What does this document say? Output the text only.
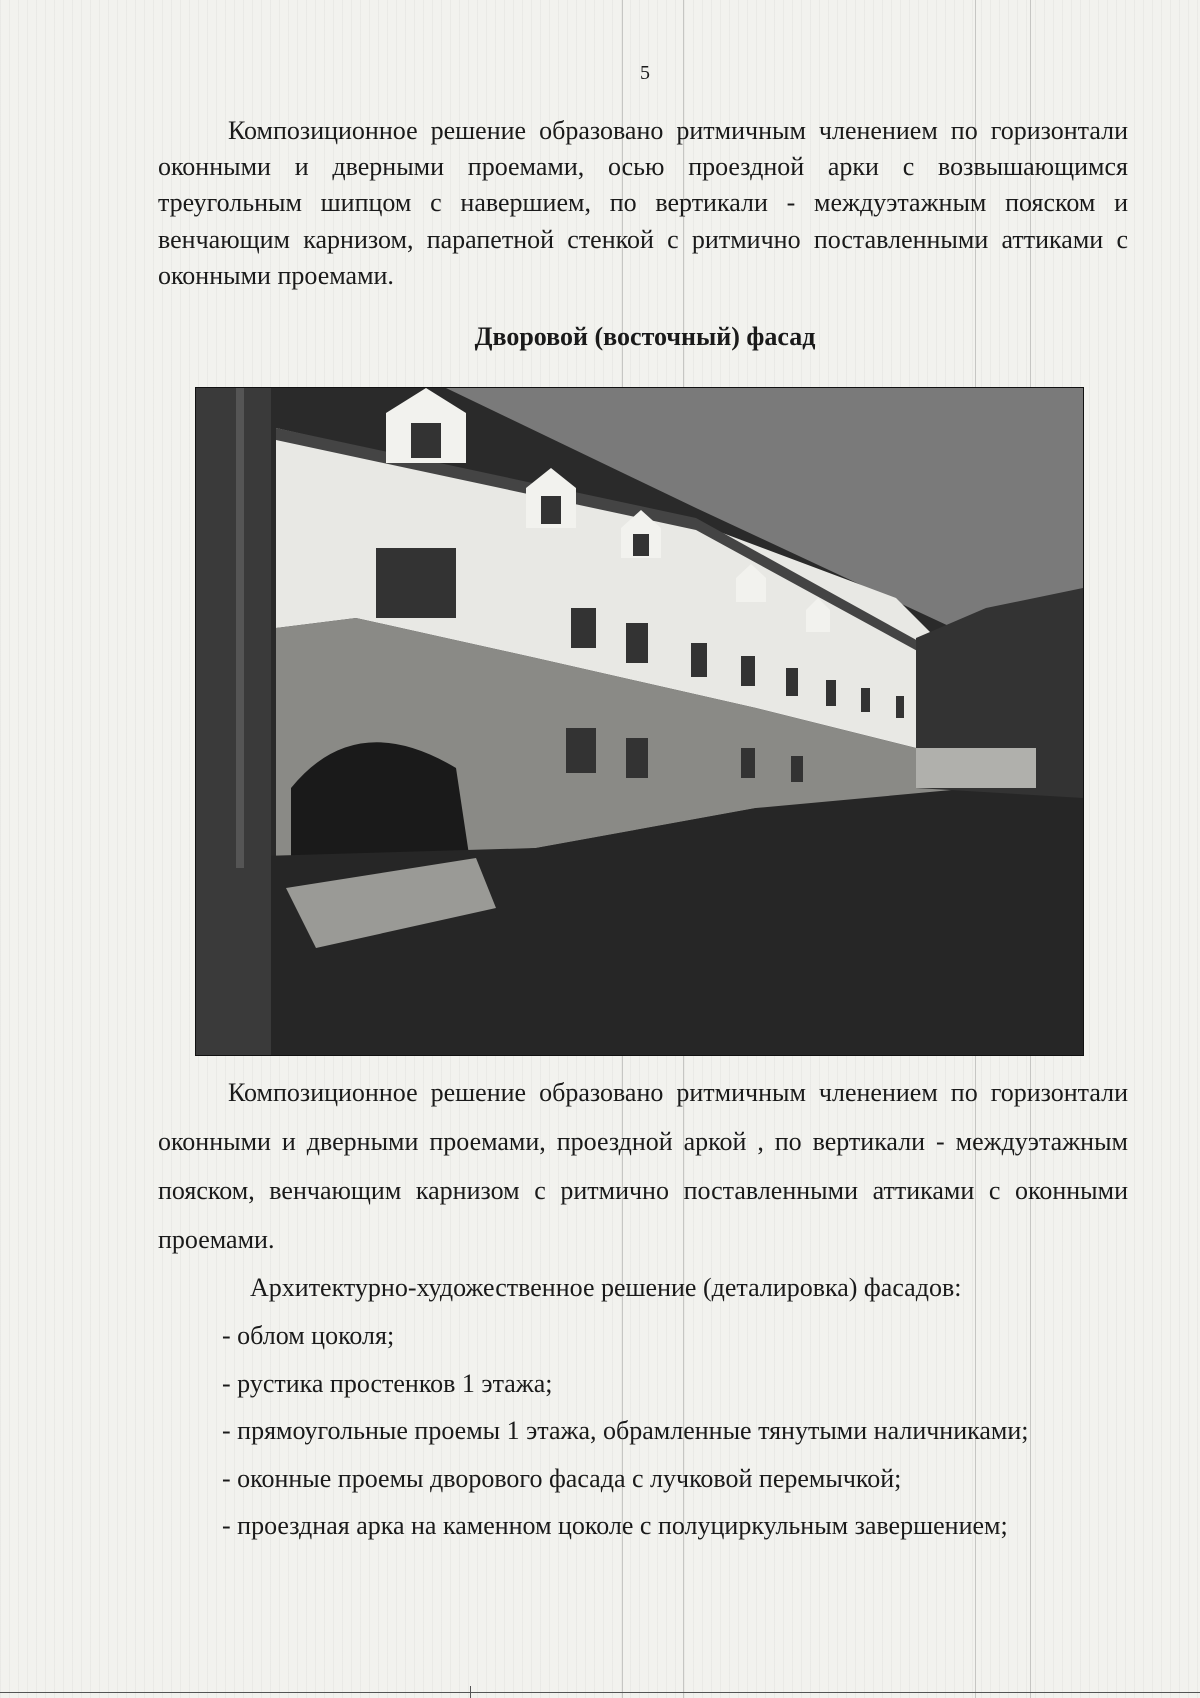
5

Композиционное решение образовано ритмичным членением по горизонтали оконными и дверными проемами, осью проездной арки с возвышающимся треугольным шипцом с навершием, по вертикали - междуэтажным пояском и венчающим карнизом, парапетной стенкой с ритмично поставленными аттиками с оконными проемами.

Дворовой (восточный) фасад

Композиционное решение образовано ритмичным членением по горизонтали оконными и дверными проемами, проездной аркой , по вертикали - междуэтажным пояском, венчающим карнизом с ритмично поставленными аттиками с оконными проемами.

Архитектурно-художественное решение (деталировка) фасадов:

- облом цоколя;
- рустика простенков 1 этажа;
- прямоугольные проемы 1 этажа, обрамленные тянутыми наличниками;
- оконные проемы дворового фасада с лучковой перемычкой;
- проездная арка на каменном цоколе с полуциркульным завершением;
